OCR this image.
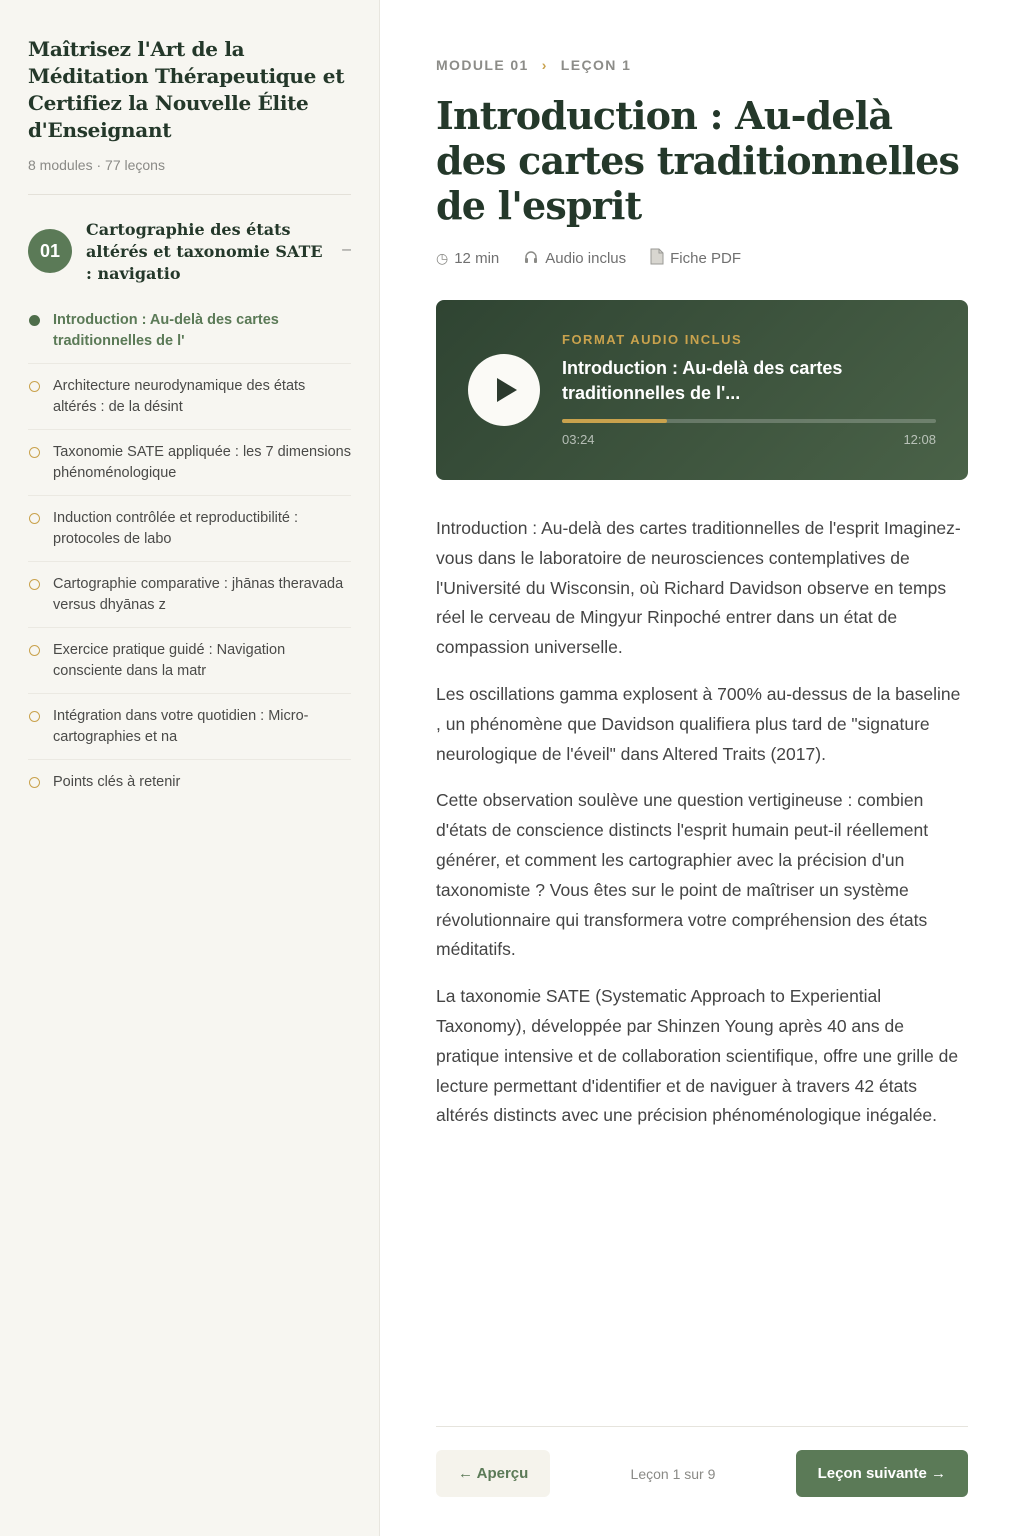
Maîtrisez l'Art de la Méditation Thérapeutique et Certifiez la Nouvelle Élite d'Enseignant
8 modules · 77 leçons
01
Cartographie des états altérés et taxonomie SATE : navigatio
–
Introduction : Au-delà des cartes traditionnelles de l'
Architecture neurodynamique des états altérés : de la désint
Taxonomie SATE appliquée : les 7 dimensions phénoménologique
Induction contrôlée et reproductibilité : protocoles de labo
Cartographie comparative : jhānas theravada versus dhyānas z
Exercice pratique guidé : Navigation consciente dans la matr
Intégration dans votre quotidien : Micro-cartographies et na
Points clés à retenir
MODULE 01 › LEÇON 1
Introduction : Au-delà des cartes traditionnelles de l'esprit
◷ 12 min	Audio inclus	Fiche PDF
FORMAT AUDIO INCLUS
Introduction : Au-delà des cartes traditionnelles de l'...
03:24	12:08

Introduction : Au-delà des cartes traditionnelles de l'esprit Imaginez-vous dans le laboratoire de neurosciences contemplatives de l'Université du Wisconsin, où Richard Davidson observe en temps réel le cerveau de Mingyur Rinpoché entrer dans un état de compassion universelle.

Les oscillations gamma explosent à 700% au-dessus de la baseline , un phénomène que Davidson qualifiera plus tard de "signature neurologique de l'éveil" dans Altered Traits (2017).

Cette observation soulève une question vertigineuse : combien d'états de conscience distincts l'esprit humain peut-il réellement générer, et comment les cartographier avec la précision d'un taxonomiste ? Vous êtes sur le point de maîtriser un système révolutionnaire qui transformera votre compréhension des états méditatifs.

La taxonomie SATE (Systematic Approach to Experiential Taxonomy), développée par Shinzen Young après 40 ans de pratique intensive et de collaboration scientifique, offre une grille de lecture permettant d'identifier et de naviguer à travers 42 états altérés distincts avec une précision phénoménologique inégalée.

← Aperçu	Leçon 1 sur 9	Leçon suivante →
